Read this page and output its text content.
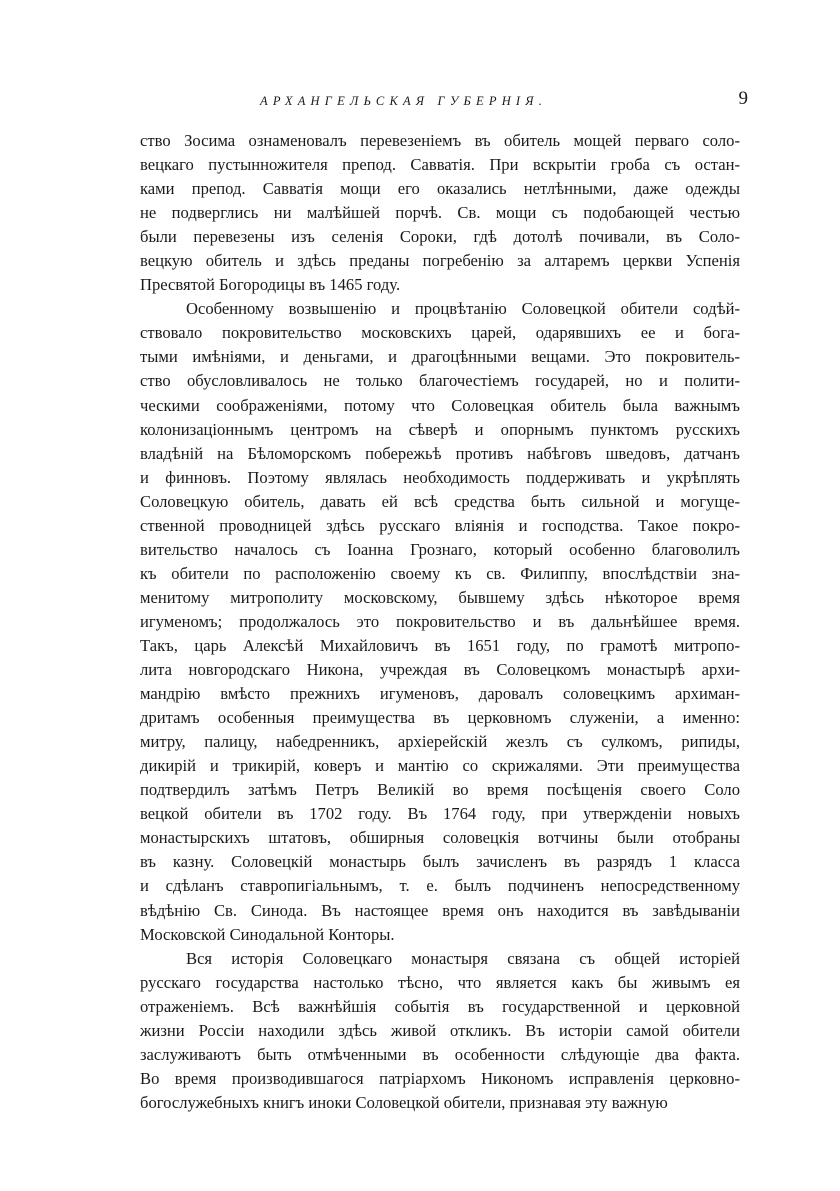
АРХАНГЕЛЬСКАЯ ГУБЕРНІЯ.	9
ство Зосима ознаменовалъ перевезеніемъ въ обитель мощей перваго соло-
вецкаго пустынножителя препод. Савватія. При вскрытіи гроба съ остан-
ками препод. Савватія мощи его оказались нетлѣнными, даже одежды
не подверглись ни малѣйшей порчѣ. Св. мощи съ подобающей честью
были перевезены изъ селенія Сороки, гдѣ дотолѣ почивали, въ Соло-
вецкую обитель и здѣсь преданы погребенію за алтаремъ церкви Успенія
Пресвятой Богородицы въ 1465 году.
Особенному возвышенію и процвѣтанію Соловецкой обители содѣй-
ствовало покровительство московскихъ царей, одарявшихъ ее и бога-
тыми имѣніями, и деньгами, и драгоцѣнными вещами. Это покровитель-
ство обусловливалось не только благочестіемъ государей, но и полити-
ческими соображеніями, потому что Соловецкая обитель была важнымъ
колонизаціоннымъ центромъ на сѣверѣ и опорнымъ пунктомъ русскихъ
владѣній на Бѣломорскомъ побережьѣ противъ набѣговъ шведовъ, датчанъ
и финновъ. Поэтому являлась необходимость поддерживать и укрѣплять
Соловецкую обитель, давать ей всѣ средства быть сильной и могуще-
ственной проводницей здѣсь русскаго вліянія и господства. Такое покро-
вительство началось съ Іоанна Грознаго, который особенно благоволилъ
къ обители по расположенію своему къ св. Филиппу, впослѣдствіи зна-
менитому митрополиту московскому, бывшему здѣсь нѣкоторое время
игуменомъ; продолжалось это покровительство и въ дальнѣйшее время.
Такъ, царь Алексѣй Михайловичъ въ 1651 году, по грамотѣ митропо-
лита новгородскаго Никона, учреждая въ Соловецкомъ монастырѣ архи-
мандрію вмѣсто прежнихъ игуменовъ, даровалъ соловецкимъ архиман-
дритамъ особенныя преимущества въ церковномъ служеніи, а именно:
митру, палицу, набедренникъ, архіерейскій жезлъ съ сулкомъ, рипиды,
дикирій и трикирій, коверъ и мантію со скрижалями. Эти преимущества
подтвердилъ затѣмъ Петръ Великій во время посѣщенія своего Соло
вецкой обители въ 1702 году. Въ 1764 году, при утвержденіи новыхъ
монастырскихъ штатовъ, обширныя соловецкія вотчины были отобраны
въ казну. Соловецкій монастырь былъ зачисленъ въ разрядъ 1 класса
и сдѣланъ ставропигіальнымъ, т. е. былъ подчиненъ непосредственному
вѣдѣнію Св. Синода. Въ настоящее время онъ находится въ завѣдываніи
Московской Синодальной Конторы.
Вся исторія Соловецкаго монастыря связана съ общей исторіей
русскаго государства настолько тѣсно, что является какъ бы живымъ ея
отраженіемъ. Всѣ важнѣйшія событія въ государственной и церковной
жизни Россіи находили здѣсь живой откликъ. Въ исторіи самой обители
заслуживаютъ быть отмѣченными въ особенности слѣдующіе два факта.
Во время производившагося патріархомъ Никономъ исправленія церковно-
богослужебныхъ книгъ иноки Соловецкой обители, признавая эту важную
